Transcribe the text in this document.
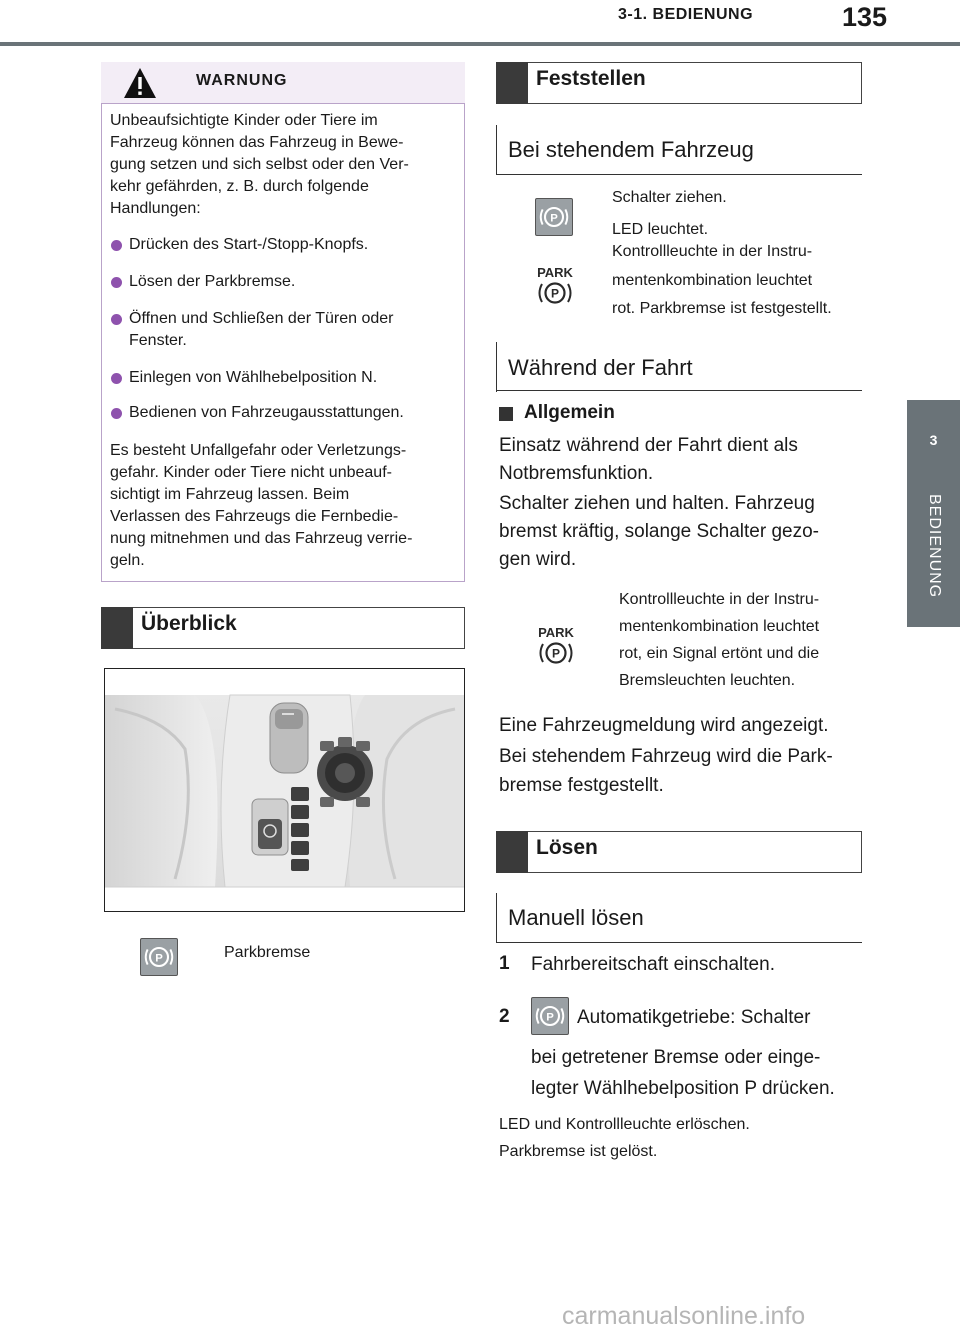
3-1. BEDIENUNG	135
3
BEDIENUNG
WARNUNG
Unbeaufsichtigte Kinder oder Tiere im
Fahrzeug können das Fahrzeug in Bewe-
gung setzen und sich selbst oder den Ver-
kehr gefährden, z. B. durch folgende
Handlungen:
Drücken des Start-/Stopp-Knopfs.
Lösen der Parkbremse.
Öffnen und Schließen der Türen oder
Fenster.
Einlegen von Wählhebelposition N.
Bedienen von Fahrzeugausstattungen.
Es besteht Unfallgefahr oder Verletzungs-
gefahr. Kinder oder Tiere nicht unbeauf-
sichtigt im Fahrzeug lassen. Beim
Verlassen des Fahrzeugs die Fernbedie-
nung mitnehmen und das Fahrzeug verrie-
geln.
Überblick
P	Parkbremse
Feststellen
Bei stehendem Fahrzeug
P
Schalter ziehen.
PARK
P
LED leuchtet.
Kontrollleuchte in der Instru-
mentenkombination leuchtet
rot. Parkbremse ist festgestellt.
Während der Fahrt
Allgemein
Einsatz während der Fahrt dient als
Notbremsfunktion.
Schalter ziehen und halten. Fahrzeug
bremst kräftig, solange Schalter gezo-
gen wird.
PARK
P
Kontrollleuchte in der Instru-
mentenkombination leuchtet
rot, ein Signal ertönt und die
Bremsleuchten leuchten.
Eine Fahrzeugmeldung wird angezeigt.
Bei stehendem Fahrzeug wird die Park-
bremse festgestellt.
Lösen
Manuell lösen
1 Fahrbereitschaft einschalten.
2	P Automatikgetriebe: Schalter
bei getretener Bremse oder einge-
legter Wählhebelposition P drücken.
LED und Kontrollleuchte erlöschen.
Parkbremse ist gelöst.
carmanualsonline.info
